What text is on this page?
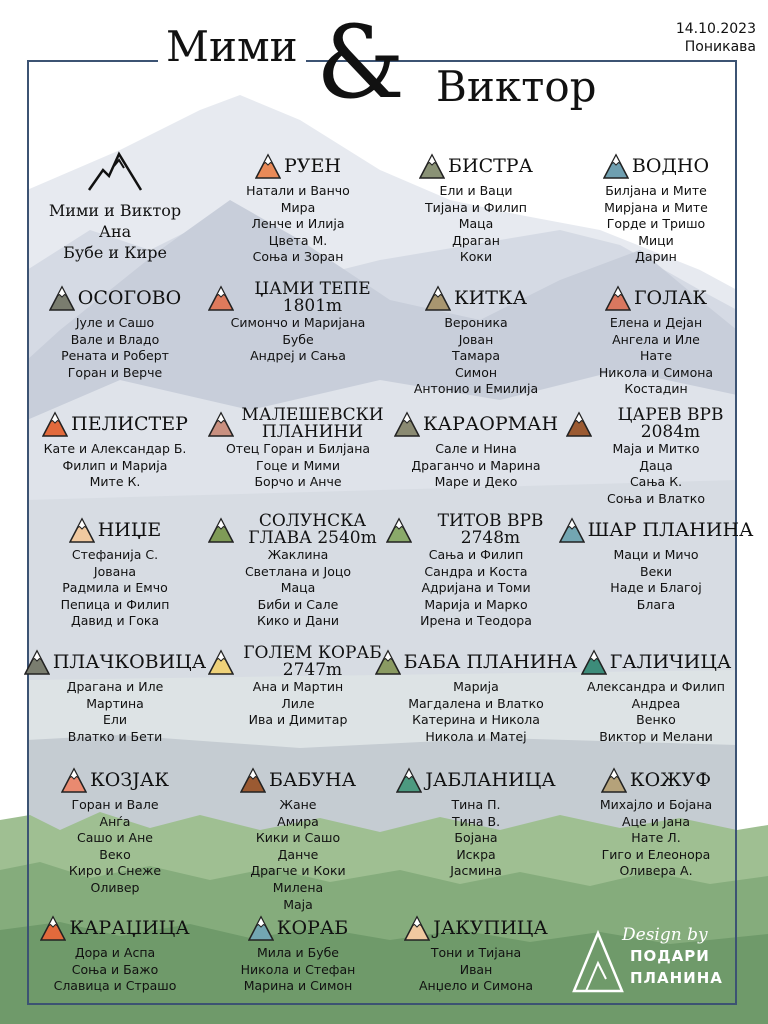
Мими & Виктор
14.10.2023
Поникава
Мими и Виктор
Ана
Бубе и Кире
РУЕН
Натали и Ванчо
Мира
Ленче и Илија
Цвета М.
Соња и Зоран
БИСТРА
Ели и Ваци
Тијана и Филип
Маца
Драган
Коки
ВОДНО
Билјана и Мите
Мирјана и Мите
Горде и Тришо
Мици
Дарин
ОСОГОВО
Јуле и Сашо
Вале и Владо
Рената и Роберт
Горан и Верче
ЏАМИ ТЕПЕ 1801m
Симончо и Маријана
Бубе
Андреј и Сања
КИТКА
Вероника
Јован
Тамара
Симон
Антонио и Емилија
ГОЛАК
Елена и Дејан
Ангела и Иле
Нате
Никола и Симона
Костадин
ПЕЛИСТЕР
Кате и Александар Б.
Филип и Марија
Мите К.
МАЛЕШЕВСКИ ПЛАНИНИ
Отец Горан и Билјана
Гоце и Мими
Борчо и Анче
КАРАОРМАН
Сале и Нина
Драганчо и Марина
Маре и Деко
ЦАРЕВ ВРВ 2084m
Маја и Митко
Даца
Сања К.
Соња и Влатко
НИЏЕ
Стефанија С.
Јована
Радмила и Емчо
Пепица и Филип
Давид и Гока
СОЛУНСКА ГЛАВА 2540m
Жаклина
Светлана и Јоцо
Маца
Биби и Сале
Кико и Дани
ТИТОВ ВРВ 2748m
Сања и Филип
Сандра и Коста
Адријана и Томи
Марија и Марко
Ирена и Теодора
ШАР ПЛАНИНА
Маци и Мичо
Веки
Наде и Благој
Блага
ПЛАЧКОВИЦА
Драгана и Иле
Мартина
Ели
Влатко и Бети
ГОЛЕМ КОРАБ 2747m
Ана и Мартин
Лиле
Ива и Димитар
БАБА ПЛАНИНА
Марија
Магдалена и Влатко
Катерина и Никола
Никола и Матеј
ГАЛИЧИЦА
Александра и Филип
Андреа
Венко
Виктор и Мелани
КОЗЈАК
Горан и Вале
Анѓа
Сашо и Ане
Веко
Киро и Снеже
Оливер
БАБУНА
Жане
Амира
Кики и Сашо
Данче
Драгче и Коки
Милена
Маја
ЈАБЛАНИЦА
Тина П.
Тина В.
Бојана
Искра
Јасмина
КОЖУФ
Михајло и Бојана
Аце и Јана
Нате Л.
Гиго и Елеонора
Оливера А.
КАРАЏИЦА
Дора и Аспа
Соња и Бажо
Славица и Страшо
КОРАБ
Мила и Бубе
Никола и Стефан
Марина и Симон
ЈАКУПИЦА
Тони и Тијана
Иван
Анџело и Симона
Design by
ПОДАРИ
ПЛАНИНА
